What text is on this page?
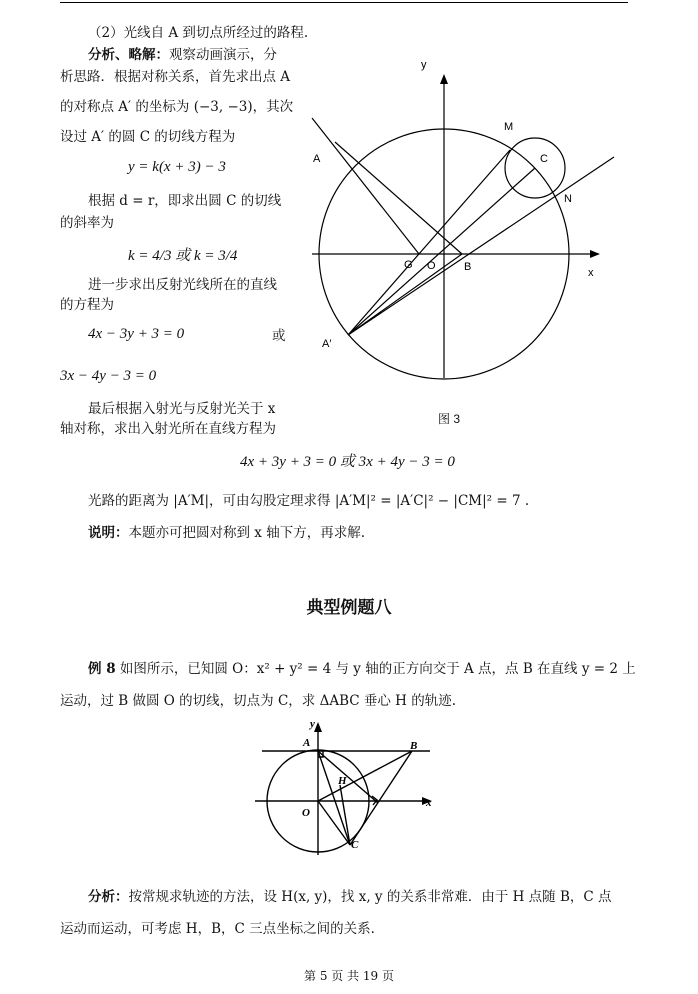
（2）光线自 A 到切点所经过的路程.
分析、略解：观察动画演示，分
析思路．根据对称关系，首先求出点 A
的对称点 A′ 的坐标为 (−3, −3)，其次
设过 A′ 的圆 C 的切线方程为
y = k(x + 3) − 3
根据 d = r，即求出圆 C 的切线
的斜率为
k = 4/3 或 k = 3/4
进一步求出反射光线所在的直线
的方程为
4x − 3y + 3 = 0	或
3x − 4y − 3 = 0
最后根据入射光与反射光关于 x
轴对称，求出入射光所在直线方程为
y
x
M
C
A
N
G O	B
A′
图 3
4x + 3y + 3 = 0 或 3x + 4y − 3 = 0
光路的距离为 |A′M|，可由勾股定理求得 |A′M|² = |A′C|² − |CM|² = 7 .
说明：本题亦可把圆对称到 x 轴下方，再求解.
典型例题八
例 8 如图所示，已知圆 O：x² + y² = 4 与 y 轴的正方向交于 A 点，点 B 在直线 y = 2 上
运动，过 B 做圆 O 的切线，切点为 C，求 ΔABC 垂心 H 的轨迹.
y
A	B
H
O
x
C
分析：按常规求轨迹的方法，设 H(x, y)，找 x, y 的关系非常难．由于 H 点随 B，C 点
运动而运动，可考虑 H，B，C 三点坐标之间的关系.
第 5 页 共 19 页
